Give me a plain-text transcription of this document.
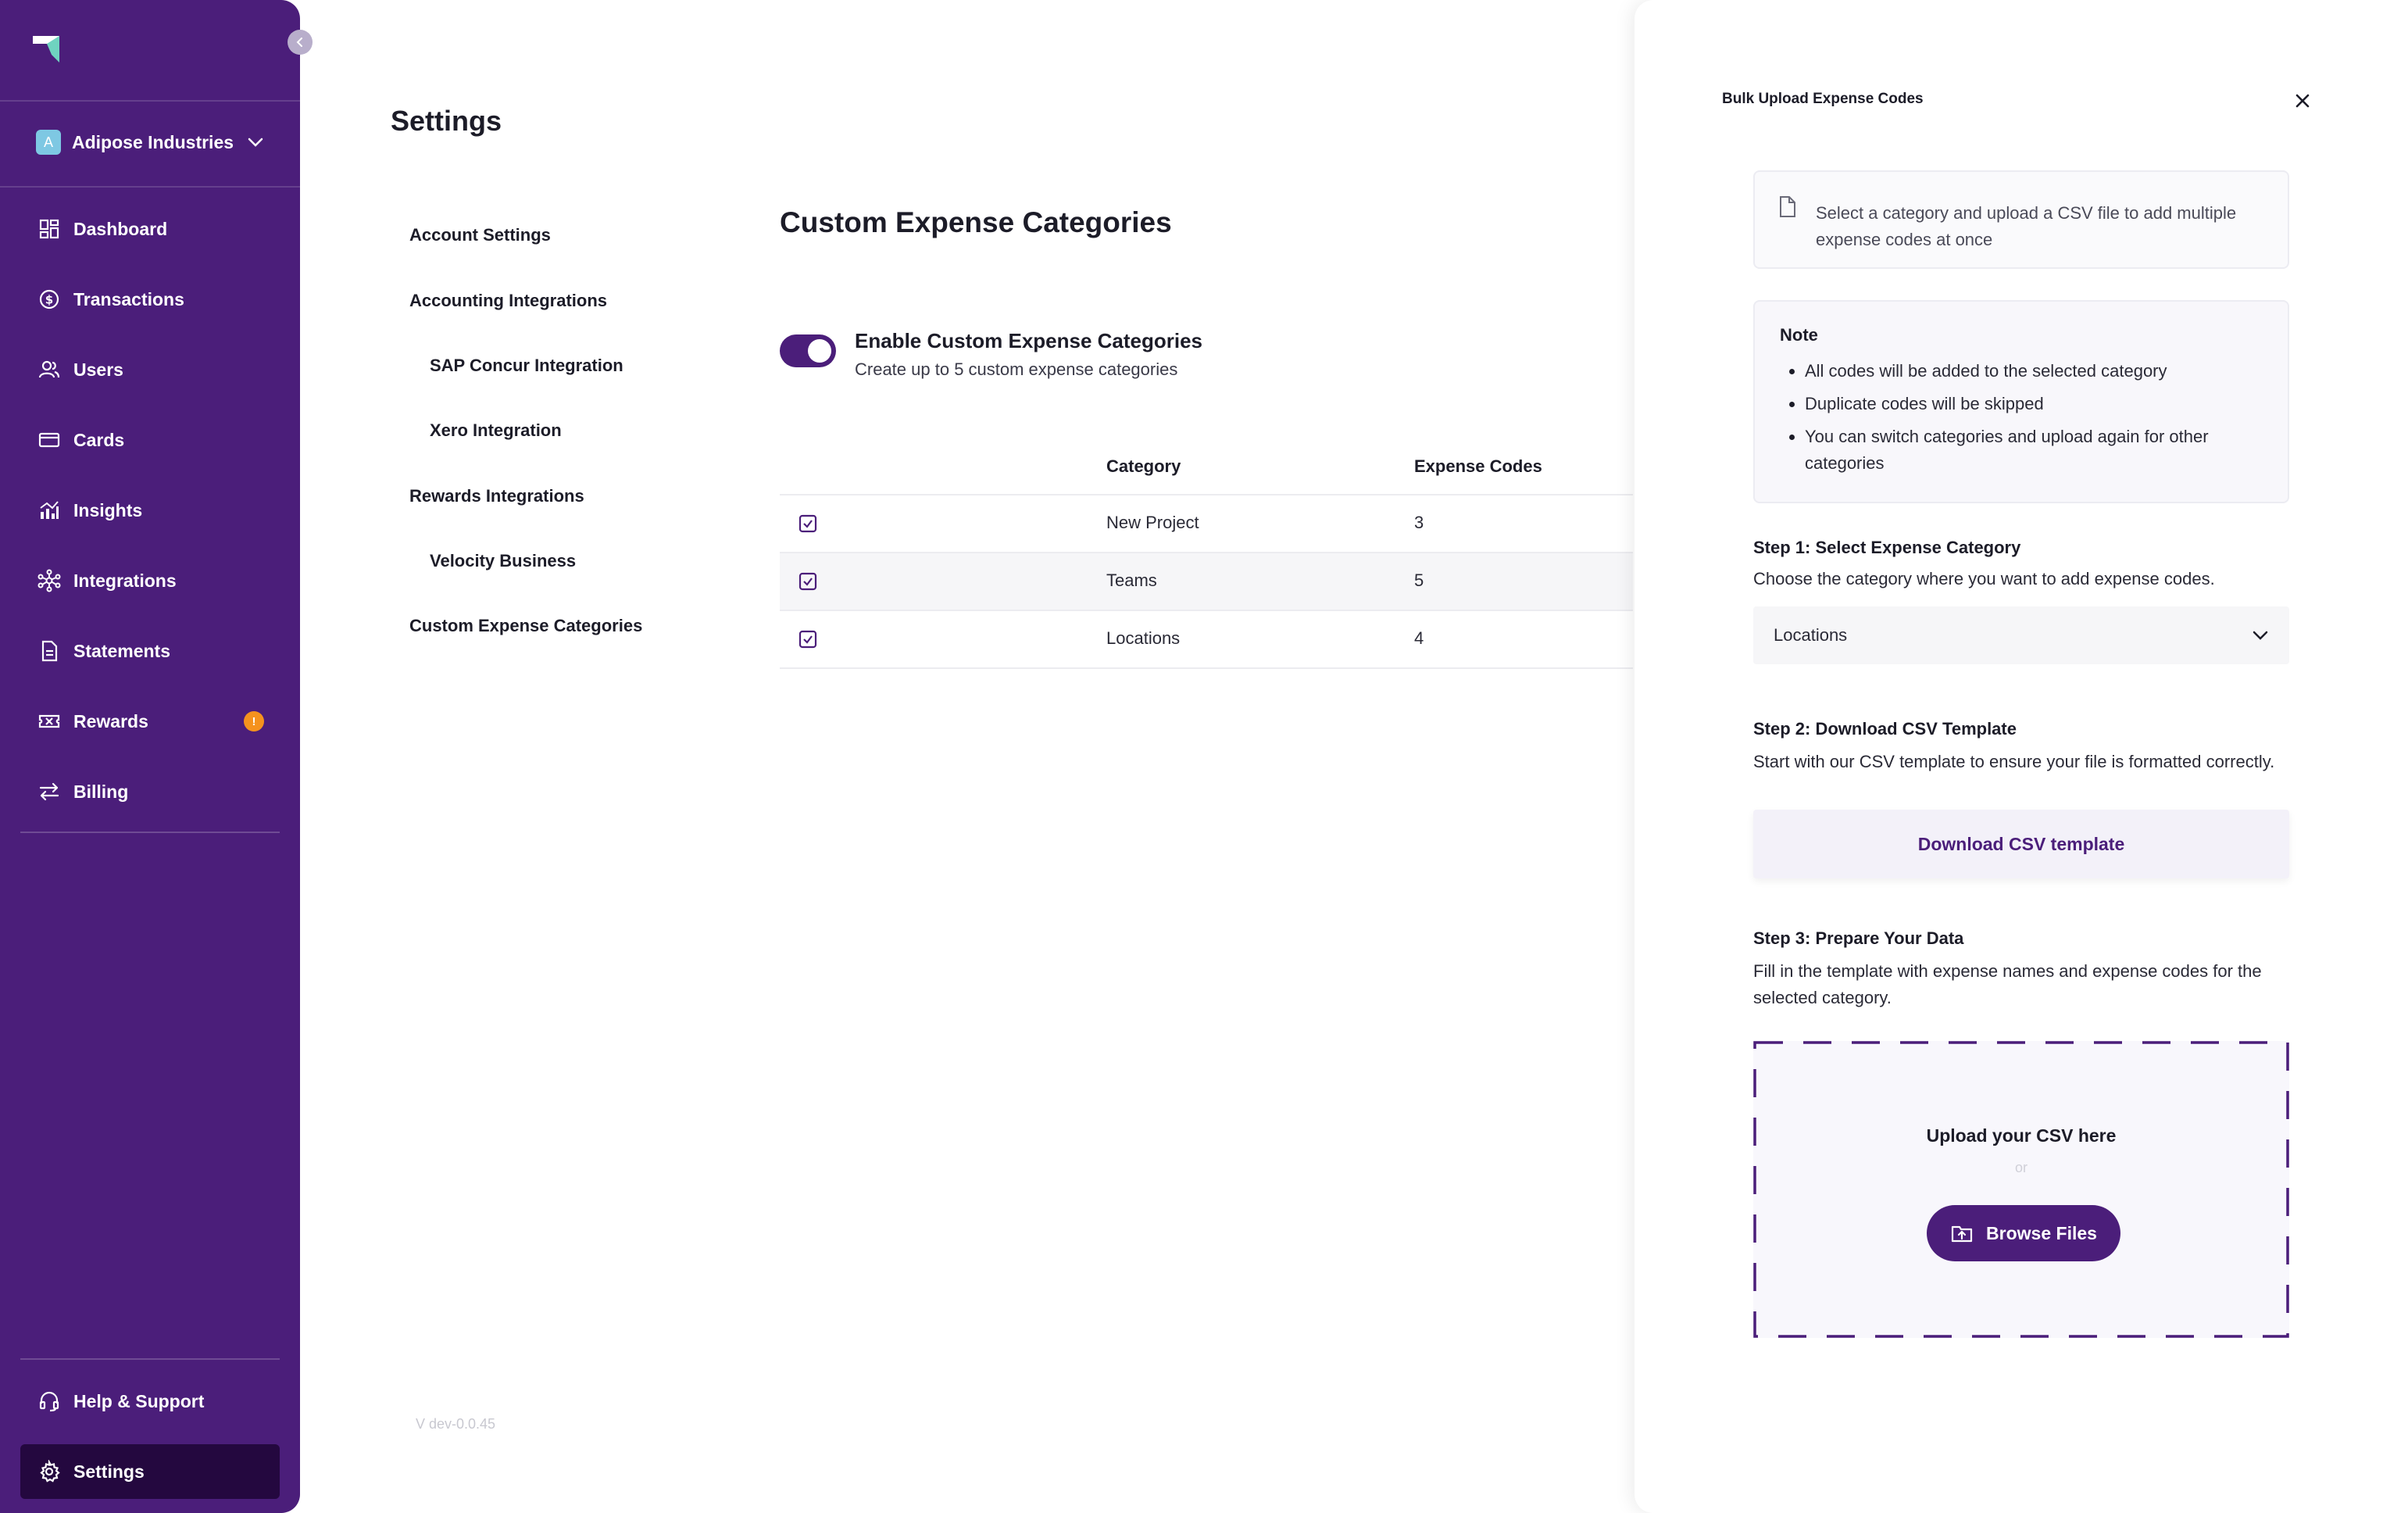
A	Adipose Industries
Dashboard
$ Transactions
Users
Cards
Insights
Integrations
Statements
Rewards	!
Billing
Help & Support
Settings
Settings
Account Settings
Accounting Integrations
SAP Concur Integration
Xero Integration
Rewards Integrations
Velocity Business
Custom Expense Categories
V dev-0.0.45
Custom Expense Categories
Enable Custom Expense Categories
Create up to 5 custom expense categories
Category	Expense Codes
New Project	3
Teams	5
Locations	4
Bulk Upload Expense Codes
Select a category and upload a CSV file to add multiple expense codes at once
Note
All codes will be added to the selected category
Duplicate codes will be skipped
You can switch categories and upload again for other categories
Step 1: Select Expense Category
Choose the category where you want to add expense codes.
Locations
Step 2: Download CSV Template
Start with our CSV template to ensure your file is formatted correctly.
Download CSV template
Step 3: Prepare Your Data
Fill in the template with expense names and expense codes for the selected category.
Upload your CSV here
or
Browse Files
